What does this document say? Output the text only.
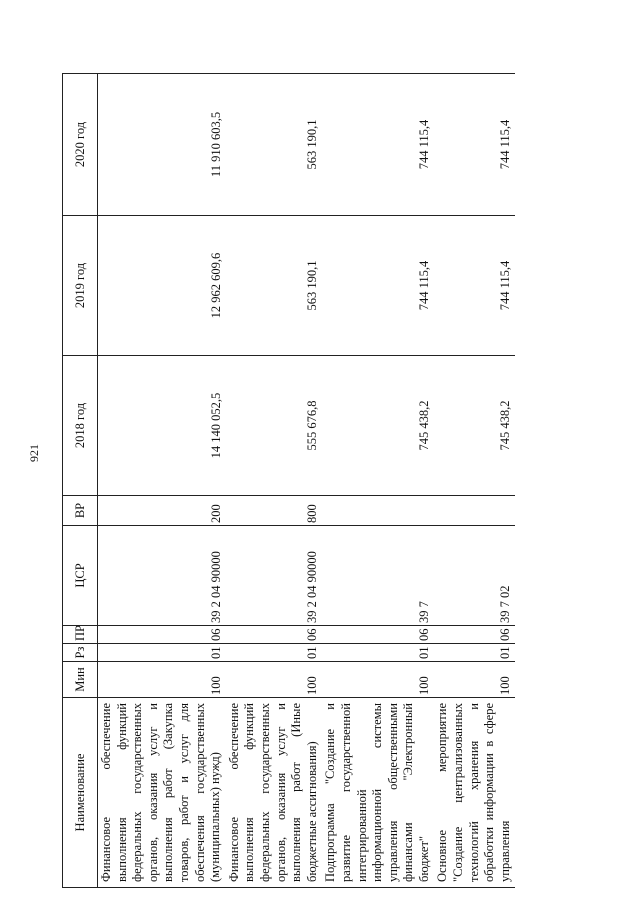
921
Наименование	Мин	Рз	ПР	ЦСР	ВР	2018 год	2019 год	2020 год
Финансовое обеспечение выполнения функций федеральных государственных органов, оказания услуг и выполнения работ (Закупка товаров, работ и услуг для обеспечения государственных (муниципальных) нужд)	100	01	06	39 2 04 90000	200	14 140 052,5	12 962 609,6	11 910 603,5
Финансовое обеспечение выполнения функций федеральных государственных органов, оказания услуг и выполнения работ (Иные бюджетные ассигнования)	100	01	06	39 2 04 90000	800	555 676,8	563 190,1	563 190,1
Подпрограмма "Создание и развитие государственной интегрированной информационной системы управления общественными финансами "Электронный бюджет"	100	01	06	39 7		745 438,2	744 115,4	744 115,4
Основное мероприятие "Создание централизованных технологий хранения и обработки информации в сфере управления	100	01	06	39 7 02		745 438,2	744 115,4	744 115,4
